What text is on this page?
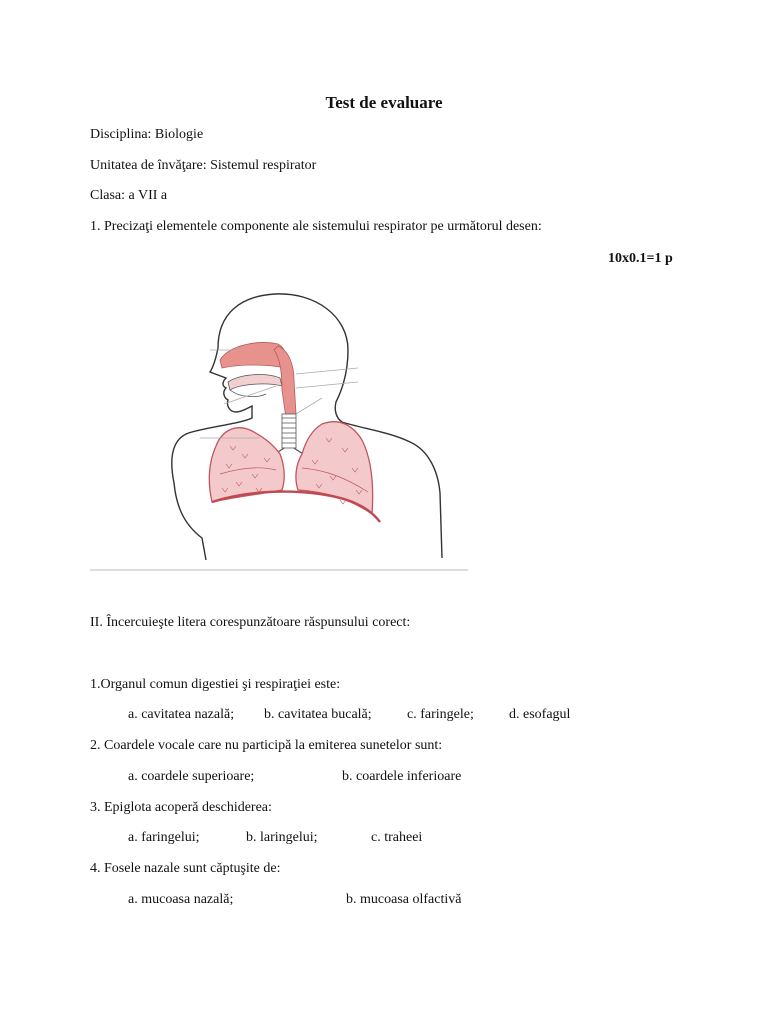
Test de evaluare
Disciplina: Biologie
Unitatea de învăţare: Sistemul respirator
Clasa: a VII a
1. Precizaţi elementele componente ale sistemului respirator pe următorul desen:
10x0.1=1 p
II. Încercuieşte litera corespunzătoare răspunsului corect:
1.Organul comun digestiei şi respiraţiei este:
a. cavitatea nazală; b. cavitatea bucală;	c. faringele;	d. esofagul
2. Coardele vocale care nu participă la emiterea sunetelor sunt:
a. coardele superioare;	b. coardele inferioare
3. Epiglota acoperă deschiderea:
a. faringelui;	b. laringelui;	c. traheei
4. Fosele nazale sunt căptuşite de:
a. mucoasa nazală;	b. mucoasa olfactivă
